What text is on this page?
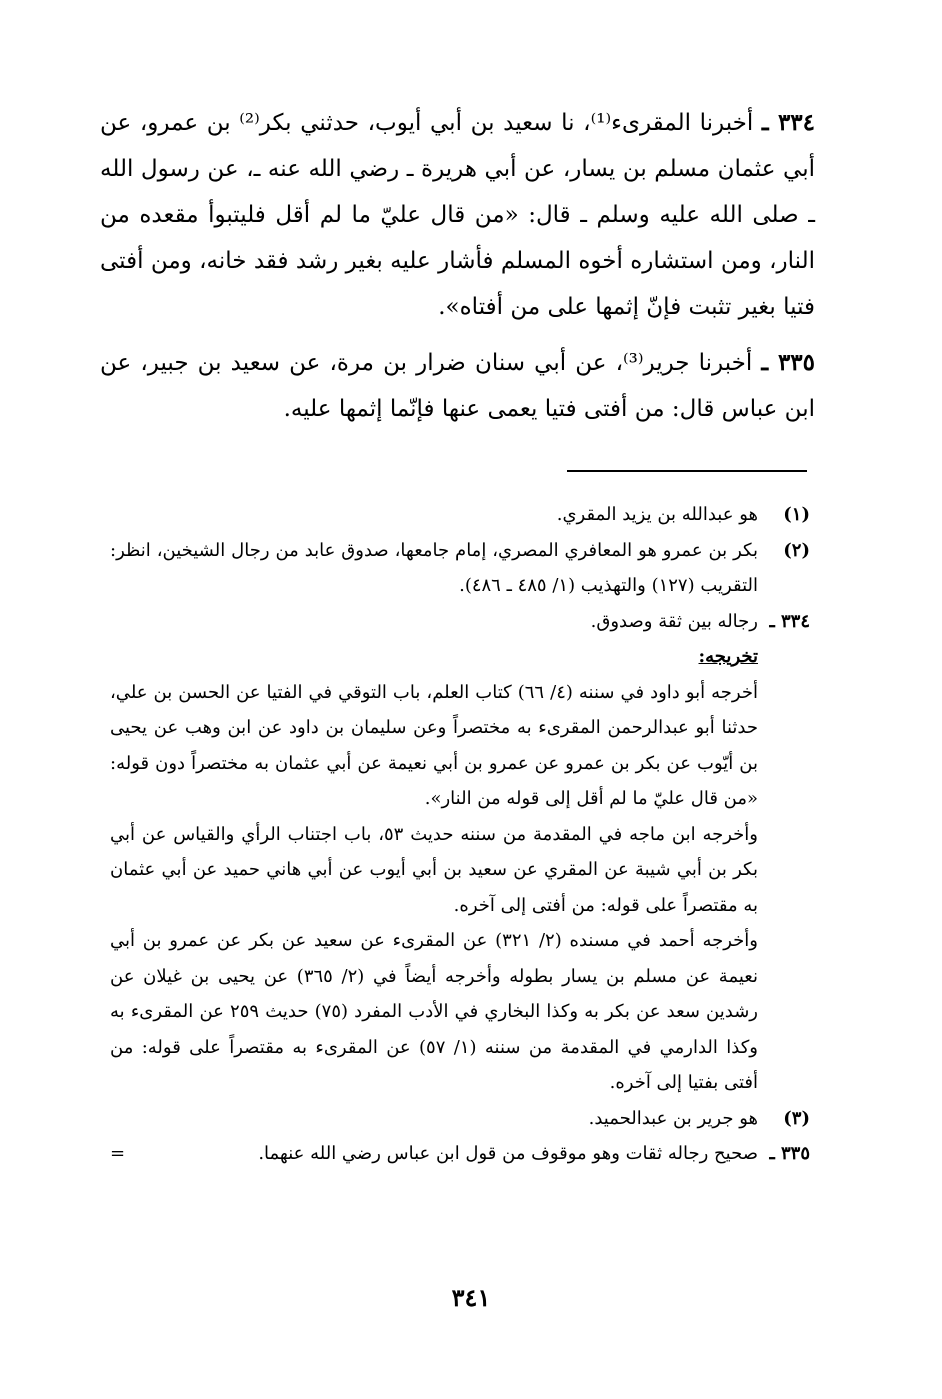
٣٣٤ ـ أخبرنا المقرىء⁽¹⁾، نا سعيد بن أبي أيوب، حدثني بكر⁽²⁾ بن عمرو، عن أبي عثمان مسلم بن يسار، عن أبي هريرة ـ رضي الله عنه ـ، عن رسول الله ـ صلى الله عليه وسلم ـ قال: «من قال عليّ ما لم أقل فليتبوأ مقعده من النار، ومن استشاره أخوه المسلم فأشار عليه بغير رشد فقد خانه، ومن أفتى فتيا بغير تثبت فإنّ إثمها على من أفتاه».

٣٣٥ ـ أخبرنا جرير⁽³⁾، عن أبي سنان ضرار بن مرة، عن سعيد بن جبير، عن ابن عباس قال: من أفتى فتيا يعمى عنها فإنّما إثمها عليه.

(١)
هو عبدالله بن يزيد المقري.
(٢)
بكر بن عمرو هو المعافري المصري، إمام جامعها، صدوق عابد من رجال الشيخين، انظر: التقريب (١٢٧) والتهذيب (١/ ٤٨٥ ـ ٤٨٦).
٣٣٤ ـ
رجاله بين ثقة وصدوق.
تخريجه:

أخرجه أبو داود في سننه (٤/ ٦٦) كتاب العلم، باب التوقي في الفتيا عن الحسن بن علي، حدثنا أبو عبدالرحمن المقرىء به مختصراً وعن سليمان بن داود عن ابن وهب عن يحيى بن أيّوب عن بكر بن عمرو عن عمرو بن أبي نعيمة عن أبي عثمان به مختصراً دون قوله: «من قال عليّ ما لم أقل إلى قوله من النار».

وأخرجه ابن ماجه في المقدمة من سننه حديث ٥٣، باب اجتناب الرأي والقياس عن أبي بكر بن أبي شيبة عن المقري عن سعيد بن أبي أيوب عن أبي هاني حميد عن أبي عثمان به مقتصراً على قوله: من أفتى إلى آخره.

وأخرجه أحمد في مسنده (٢/ ٣٢١) عن المقرىء عن سعيد عن بكر عن عمرو بن أبي نعيمة عن مسلم بن يسار بطوله وأخرجه أيضاً في (٢/ ٣٦٥) عن يحيى بن غيلان عن رشدين سعد عن بكر به وكذا البخاري في الأدب المفرد (٧٥) حديث ٢٥٩ عن المقرىء به وكذا الدارمي في المقدمة من سننه (١/ ٥٧) عن المقرىء به مقتصراً على قوله: من أفتى بفتيا إلى آخره.

(٣)
هو جرير بن عبدالحميد.
٣٣٥ ـ
صحيح رجاله ثقات وهو موقوف من قول ابن عباس رضي الله عنهما.
=
٣٤١
